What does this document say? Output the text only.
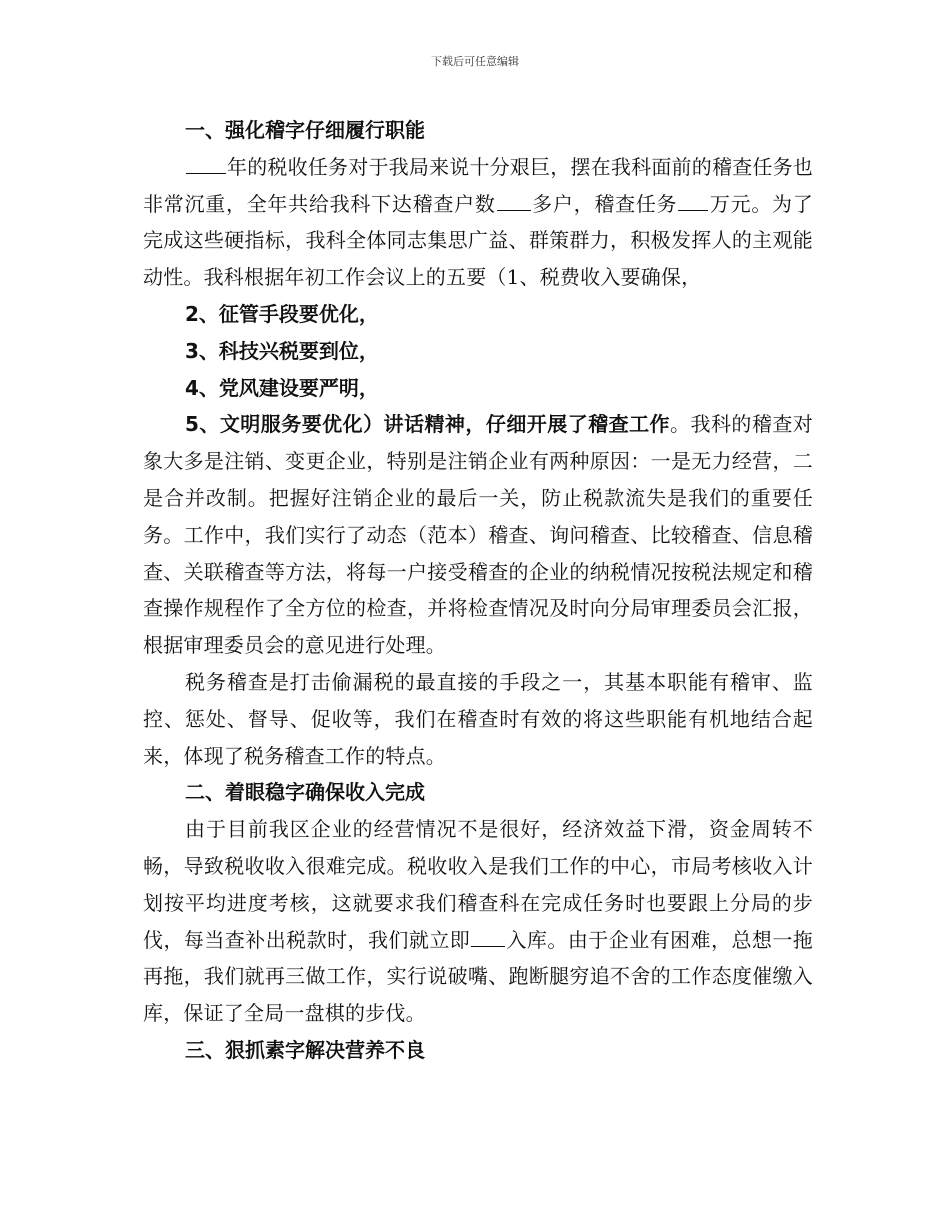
下载后可任意编辑

一、强化稽字仔细履行职能

年的税收任务对于我局来说十分艰巨，摆在我科面前的稽查任务也非常沉重，全年共给我科下达稽查户数 多户，稽查任务 万元。为了完成这些硬指标，我科全体同志集思广益、群策群力，积极发挥人的主观能动性。我科根据年初工作会议上的五要（1、税费收入要确保，

2、征管手段要优化，

3、科技兴税要到位，

4、党风建设要严明，

5、文明服务要优化）讲话精神，仔细开展了稽查工作。我科的稽查对象大多是注销、变更企业，特别是注销企业有两种原因：一是无力经营，二是合并改制。把握好注销企业的最后一关，防止税款流失是我们的重要任务。工作中，我们实行了动态（范本）稽查、询问稽查、比较稽查、信息稽查、关联稽查等方法，将每一户接受稽查的企业的纳税情况按税法规定和稽查操作规程作了全方位的检查，并将检查情况及时向分局审理委员会汇报，根据审理委员会的意见进行处理。

税务稽查是打击偷漏税的最直接的手段之一，其基本职能有稽审、监控、惩处、督导、促收等，我们在稽查时有效的将这些职能有机地结合起来，体现了税务稽查工作的特点。

二、着眼稳字确保收入完成

由于目前我区企业的经营情况不是很好，经济效益下滑，资金周转不畅，导致税收收入很难完成。税收收入是我们工作的中心，市局考核收入计划按平均进度考核，这就要求我们稽查科在完成任务时也要跟上分局的步伐，每当查补出税款时，我们就立即 入库。由于企业有困难，总想一拖再拖，我们就再三做工作，实行说破嘴、跑断腿穷追不舍的工作态度催缴入库，保证了全局一盘棋的步伐。

三、狠抓素字解决营养不良
